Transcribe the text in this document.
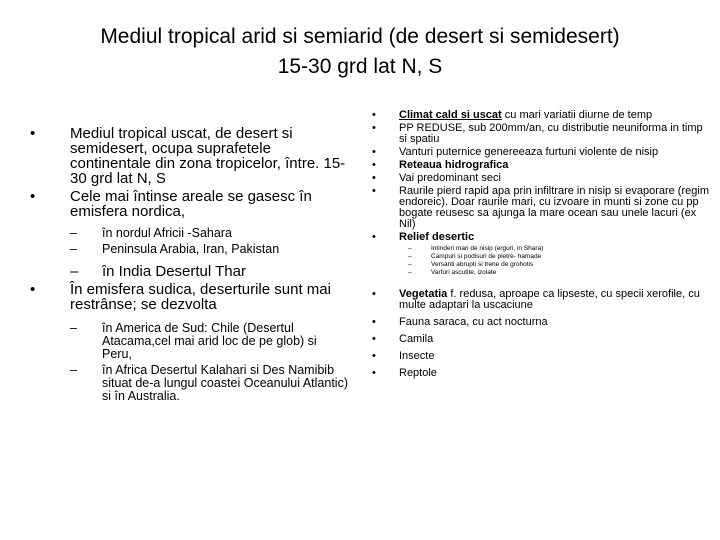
Mediul tropical arid si semiarid (de desert si semidesert)
15-30 grd lat N, S
• Mediul tropical uscat, de desert si semidesert, ocupa suprafetele continentale din zona tropicelor, între. 15-30 grd lat N, S
• Cele mai întinse areale se gasesc în emisfera nordica,
– în nordul Africii -Sahara
– Peninsula Arabia, Iran, Pakistan
– în India Desertul Thar
• În emisfera sudica, deserturile sunt mai restrânse; se dezvolta
– în America de Sud: Chile (Desertul Atacama,cel mai arid loc de pe glob) si Peru,
– în Africa Desertul Kalahari si Des Namibib situat de-a lungul coastei Oceanului Atlantic) si în Australia.
• Climat cald si uscat cu mari variatii diurne de temp
• PP REDUSE, sub 200mm/an, cu distributie neuniforma in timp si spatiu
• Vanturi puternice genereeaza furtuni violente de nisip
• Reteaua hidrografica
• Vai predominant seci
• Raurile pierd rapid apa prin infiltrare in nisip si evaporare (regim endoreic). Doar raurile mari, cu izvoare in munti si zone cu pp bogate reusesc sa ajunga la mare ocean sau unele lacuri (ex Nil)
• Relief desertic
–	Intinderi mari de nisip (erguri, in Shara)
–	Campuri si podisuri de pietre- hamade
–	Versanti abrupti si trene de grohotis
–	Varfuri ascutite, izolate
• Vegetatia f. redusa, aproape ca lipseste, cu specii xerofile, cu multe adaptari la uscaciune
• Fauna saraca, cu act nocturna
• Camila
• Insecte
• Reptole
